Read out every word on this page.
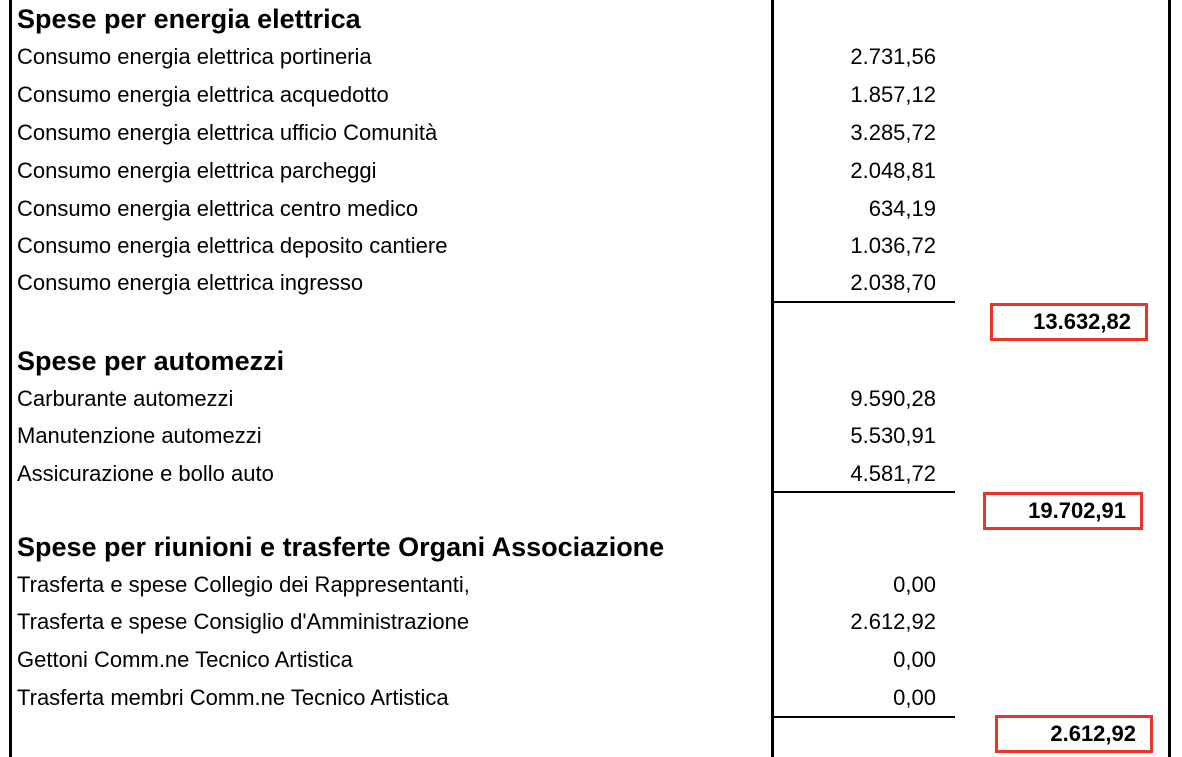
Spese per energia elettrica
Consumo energia elettrica portineria	2.731,56
Consumo energia elettrica acquedotto	1.857,12
Consumo energia elettrica ufficio Comunità	3.285,72
Consumo energia elettrica parcheggi	2.048,81
Consumo energia elettrica centro medico	634,19
Consumo energia elettrica deposito cantiere	1.036,72
Consumo energia elettrica ingresso	2.038,70
13.632,82
Spese per automezzi
Carburante automezzi	9.590,28
Manutenzione automezzi	5.530,91
Assicurazione e bollo auto	4.581,72
19.702,91
Spese per riunioni e trasferte Organi Associazione
Trasferta e spese Collegio dei Rappresentanti,	0,00
Trasferta e spese Consiglio d'Amministrazione	2.612,92
Gettoni Comm.ne Tecnico Artistica	0,00
Trasferta membri Comm.ne Tecnico Artistica	0,00
2.612,92
